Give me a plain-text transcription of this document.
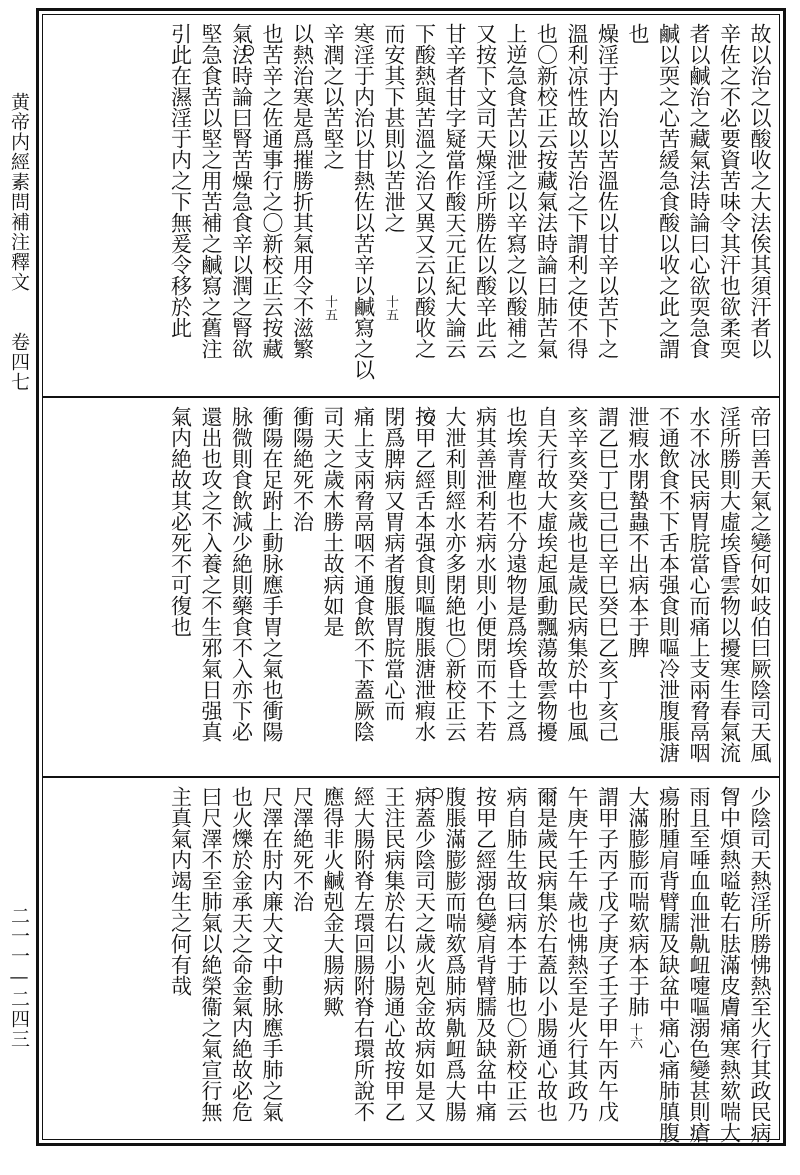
黄帝内經素問補注釋文
卷四七
二一一—二四三
故以治之以酸收之大法俟其須汗者以
辛佐之不必要資苦味令其汗也欲柔耎
者以鹹治之藏氣法時論曰心欲耎急食
鹹以耎之心苦緩急食酸以收之此之謂
也
燥淫于内治以苦溫佐以甘辛以苦下之
溫利凉性故以苦治之下謂利之使不得
也〇新校正云按藏氣法時論曰肺苦氣
上逆急食苦以泄之以辛寫之以酸補之
又按下文司天燥淫所勝佐以酸辛此云
甘辛者甘字疑當作酸天元正紀大論云
下酸熱與苦溫之治又異又云以酸收之
而安其下甚則以苦泄之
十五
寒淫于内治以甘熱佐以苦辛以鹹寫之以
辛潤之以苦堅之
十五
以熱治寒是爲摧勝折其氣用令不滋繁
也苦辛之佐通事行之〇新校正云按藏
氣法時論曰腎苦燥急食辛以潤之腎欲
堅急食苦以堅之用苦補之鹹寫之舊注
引此在濕淫于内之下無爰令移於此
帝曰善天氣之變何如岐伯曰厥陰司天風
淫所勝則大虛埃昏雲物以擾寒生春氣流
水不冰民病胃脘當心而痛上支兩脅鬲咽
不通飲食不下舌本强食則嘔冷泄腹脹溏
泄瘕水閉蟄蟲不出病本于脾
謂乙巳丁巳己巳辛巳癸巳乙亥丁亥己
亥辛亥癸亥歲也是歲民病集於中也風
自天行故大虛埃起風動飄蕩故雲物擾
也埃青塵也不分遠物是爲埃昏土之爲
病其善泄利若病水則小便閉而不下若
大泄利則經水亦多閉絶也〇新校正云
按甲乙經舌本强食則嘔腹脹溏泄瘕水
閉爲脾病又胃病者腹脹胃脘當心而
痛上支兩脅鬲咽不通食飲不下蓋厥陰
司天之歲木勝土故病如是
衝陽絶死不治
衝陽在足跗上動脉應手胃之氣也衝陽
脉微則食飲減少絶則藥食不入亦下必
還出也攻之不入養之不生邪氣日强真
氣内絶故其必死不可復也
少陰司天熱淫所勝怫熱至火行其政民病
胷中煩熱嗌乾右胠滿皮膚痛寒熱欬喘大
雨且至唾血血泄鼽衄嚏嘔溺色變甚則瘡
瘍胕腫肩背臂臑及缺盆中痛心痛肺䐜腹
大滿膨膨而喘欬病本于肺
十六
謂甲子丙子戊子庚子壬子甲午丙午戊
午庚午壬午歲也怫熱至是火行其政乃
爾是歲民病集於右蓋以小腸通心故也
病自肺生故曰病本于肺也〇新校正云
按甲乙經溺色變肩背臂臑及缺盆中痛
腹脹滿膨膨而喘欬爲肺病鼽衄爲大腸
病蓋少陰司天之歲火剋金故病如是又
王注民病集於右以小腸通心故按甲乙
經大腸附脊左環回腸附脊右環所說不
應得非火鹹剋金大腸病歟
尺澤絶死不治
尺澤在肘内廉大文中動脉應手肺之氣
也火爍於金承天之命金氣内絶故必危
曰尺澤不至肺氣以絶榮衞之氣宣行無
主真氣内竭生之何有哉
